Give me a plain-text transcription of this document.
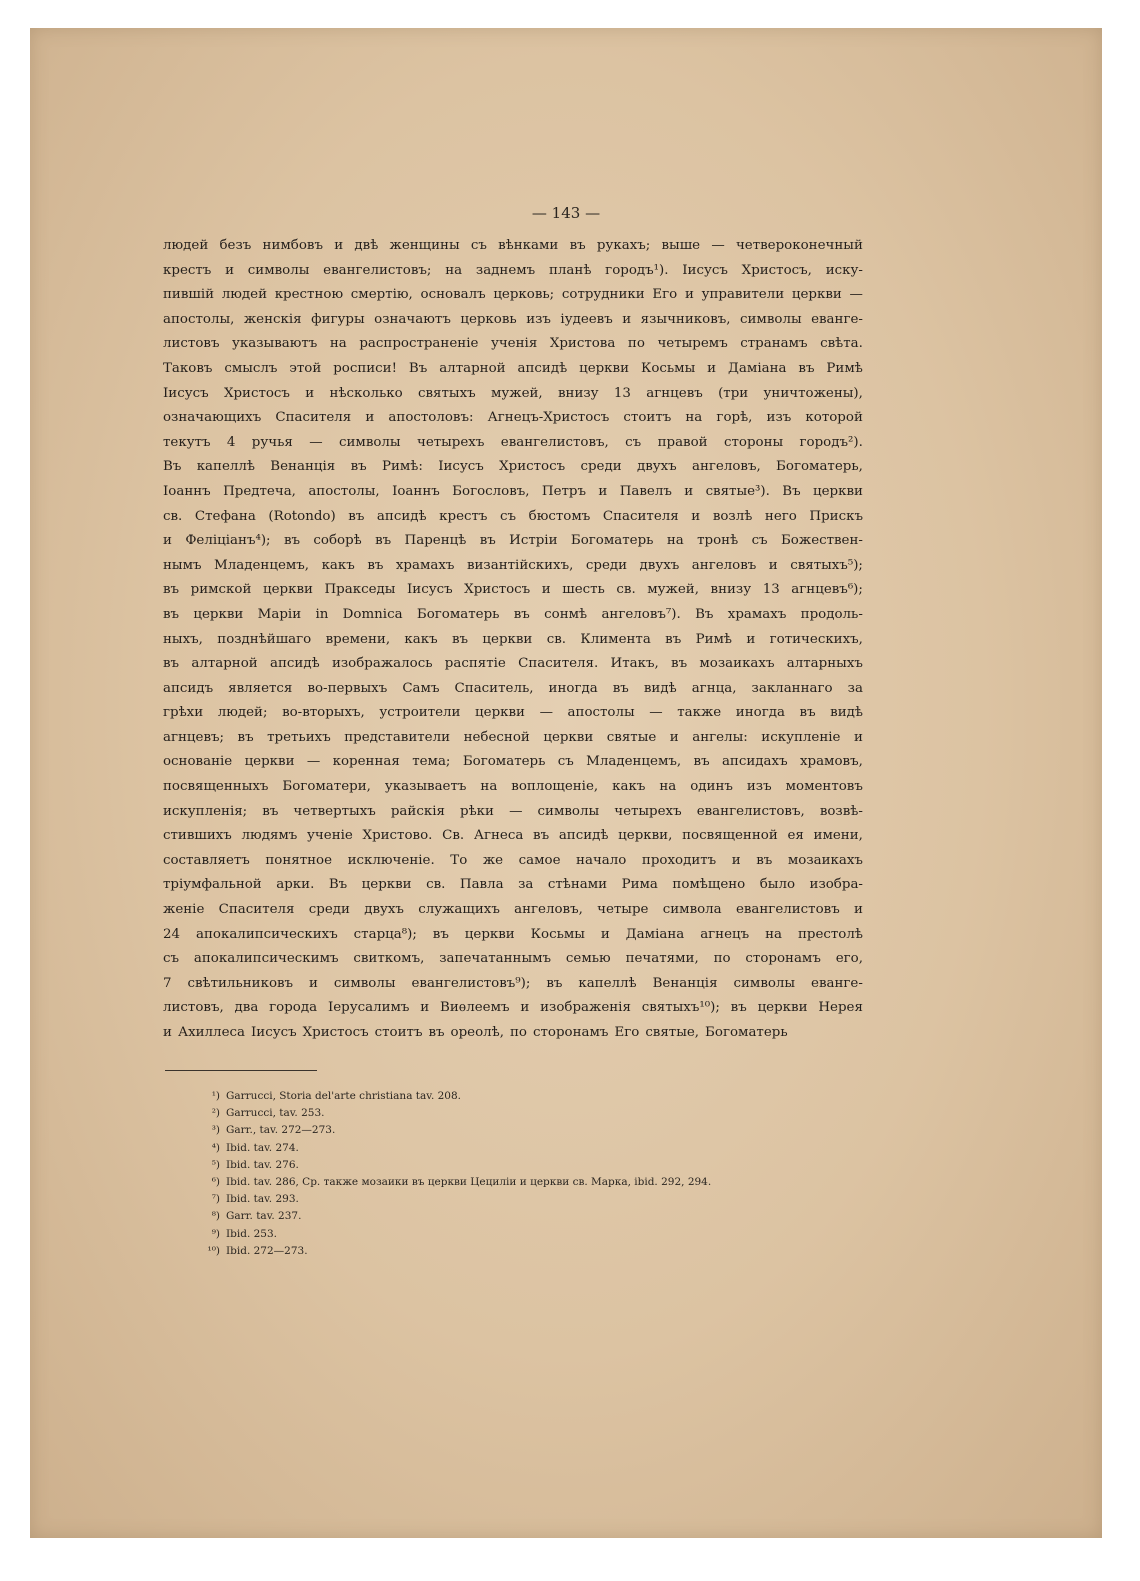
— 143 —
людей безъ нимбовъ и двѣ женщины съ вѣнками въ рукахъ; выше — четвероконечный
крестъ и символы евангелистовъ; на заднемъ планѣ городъ¹). Іисусъ Христосъ, иску-
пившій людей крестною смертію, основалъ церковь; сотрудники Его и управители церкви —
апостолы, женскія фигуры означаютъ церковь изъ іудеевъ и язычниковъ, символы еванге-
листовъ указываютъ на распространеніе ученія Христова по четыремъ странамъ свѣта.
Таковъ смыслъ этой росписи! Въ алтарной апсидѣ церкви Косьмы и Даміана въ Римѣ
Іисусъ Христосъ и нѣсколько святыхъ мужей, внизу 13 агнцевъ (три уничтожены),
означающихъ Спасителя и апостоловъ: Агнецъ-Христосъ стоитъ на горѣ, изъ которой
текутъ 4 ручья — символы четырехъ евангелистовъ, съ правой стороны городъ²).
Въ капеллѣ Венанція въ Римѣ: Іисусъ Христосъ среди двухъ ангеловъ, Богоматерь,
Іоаннъ Предтеча, апостолы, Іоаннъ Богословъ, Петръ и Павелъ и святые³). Въ церкви
св. Стефана (Rotondo) въ апсидѣ крестъ съ бюстомъ Спасителя и возлѣ него Прискъ
и Феліціанъ⁴); въ соборѣ въ Паренцѣ въ Истріи Богоматерь на тронѣ съ Божествен-
нымъ Младенцемъ, какъ въ храмахъ византійскихъ, среди двухъ ангеловъ и святыхъ⁵);
въ римской церкви Пракседы Іисусъ Христосъ и шесть св. мужей, внизу 13 агнцевъ⁶);
въ церкви Маріи in Domnica Богоматерь въ сонмѣ ангеловъ⁷). Въ храмахъ продоль-
ныхъ, позднѣйшаго времени, какъ въ церкви св. Климента въ Римѣ и готическихъ,
въ алтарной апсидѣ изображалось распятіе Спасителя. Итакъ, въ мозаикахъ алтарныхъ
апсидъ является во-первыхъ Самъ Спаситель, иногда въ видѣ агнца, закланнаго за
грѣхи людей; во-вторыхъ, устроители церкви — апостолы — также иногда въ видѣ
агнцевъ; въ третьихъ представители небесной церкви святые и ангелы: искупленіе и
основаніе церкви — коренная тема; Богоматерь съ Младенцемъ, въ апсидахъ храмовъ,
посвященныхъ Богоматери, указываетъ на воплощеніе, какъ на одинъ изъ моментовъ
искупленія; въ четвертыхъ райскія рѣки — символы четырехъ евангелистовъ, возвѣ-
стившихъ людямъ ученіе Христово. Св. Агнеса въ апсидѣ церкви, посвященной ея имени,
составляетъ понятное исключеніе. То же самое начало проходитъ и въ мозаикахъ
тріумфальной арки. Въ церкви св. Павла за стѣнами Рима помѣщено было изобра-
женіе Спасителя среди двухъ служащихъ ангеловъ, четыре символа евангелистовъ и
24 апокалипсическихъ старца⁸); въ церкви Косьмы и Даміана агнецъ на престолѣ
съ апокалипсическимъ свиткомъ, запечатаннымъ семью печатями, по сторонамъ его,
7 свѣтильниковъ и символы евангелистовъ⁹); въ капеллѣ Венанція символы еванге-
листовъ, два города Іерусалимъ и Виѳлеемъ и изображенія святыхъ¹⁰); въ церкви Нерея
и Ахиллеса Іисусъ Христосъ стоитъ въ ореолѣ, по сторонамъ Его святые, Богоматерь
¹) Garrucci, Storia del'arte christiana tav. 208.
²) Garrucci, tav. 253.
³) Garr., tav. 272—273.
⁴) Ibid. tav. 274.
⁵) Ibid. tav. 276.
⁶) Ibid. tav. 286, Ср. также мозаики въ церкви Цециліи и церкви св. Марка, ibid. 292, 294.
⁷) Ibid. tav. 293.
⁸) Garr. tav. 237.
⁹) Ibid. 253.
¹⁰) Ibid. 272—273.
